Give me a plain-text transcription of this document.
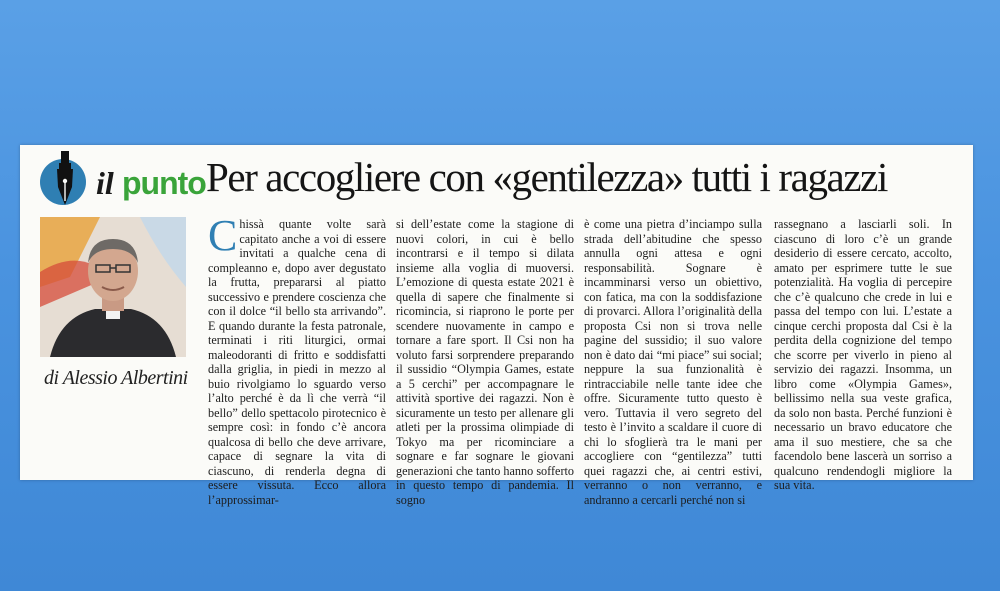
il punto Per accogliere con «gentilezza» tutti i ragazzi
di Alessio Albertini
Chissà quante volte sarà capitato anche a voi di essere invitati a qualche cena di compleanno e, dopo aver degustato la frutta, prepararsi al piatto successivo e prendere coscienza che con il dolce “il bello sta arrivando”. E quando durante la festa patronale, terminati i riti liturgici, ormai maleodoranti di fritto e soddisfatti dalla griglia, in piedi in mezzo al buio rivolgiamo lo sguardo verso l’alto perché è da lì che verrà “il bello” dello spettacolo pirotecnico è sempre così: in fondo c’è ancora qualcosa di bello che deve arrivare, capace di segnare la vita di ciascuno, di renderla degna di essere vissuta. Ecco allora l’approssimar-
si dell’estate come la stagione di nuovi colori, in cui è bello incontrarsi e il tempo si dilata insieme alla voglia di muoversi. L’emozione di questa estate 2021 è quella di sapere che finalmente si ricomincia, si riaprono le porte per scendere nuovamente in campo e tornare a fare sport. Il Csi non ha voluto farsi sorprendere preparando il sussidio “Olympia Games, estate a 5 cerchi” per accompagnare le attività sportive dei ragazzi. Non è sicuramente un testo per allenare gli atleti per la prossima olimpiade di Tokyo ma per ricominciare a sognare e far sognare le giovani generazioni che tanto hanno sofferto in questo tempo di pandemia. Il sogno
è come una pietra d’inciampo sulla strada dell’abitudine che spesso annulla ogni attesa e ogni responsabilità. Sognare è incamminarsi verso un obiettivo, con fatica, ma con la soddisfazione di provarci. Allora l’originalità della proposta Csi non si trova nelle pagine del sussidio; il suo valore non è dato dai “mi piace” sui social; neppure la sua funzionalità è rintracciabile nelle tante idee che offre. Sicuramente tutto questo è vero. Tuttavia il vero segreto del testo è l’invito a scaldare il cuore di chi lo sfoglierà tra le mani per accogliere con “gentilezza” tutti quei ragazzi che, ai centri estivi, verranno o non verranno, e andranno a cercarli perché non si
rassegnano a lasciarli soli. In ciascuno di loro c’è un grande desiderio di essere cercato, accolto, amato per esprimere tutte le sue potenzialità. Ha voglia di percepire che c’è qualcuno che crede in lui e passa del tempo con lui. L’estate a cinque cerchi proposta dal Csi è la perdita della cognizione del tempo che scorre per viverlo in pieno al servizio dei ragazzi. Insomma, un libro come «Olympia Games», bellissimo nella sua veste grafica, da solo non basta. Perché funzioni è necessario un bravo educatore che ama il suo mestiere, che sa che facendolo bene lascerà un sorriso a qualcuno rendendogli migliore la sua vita.
